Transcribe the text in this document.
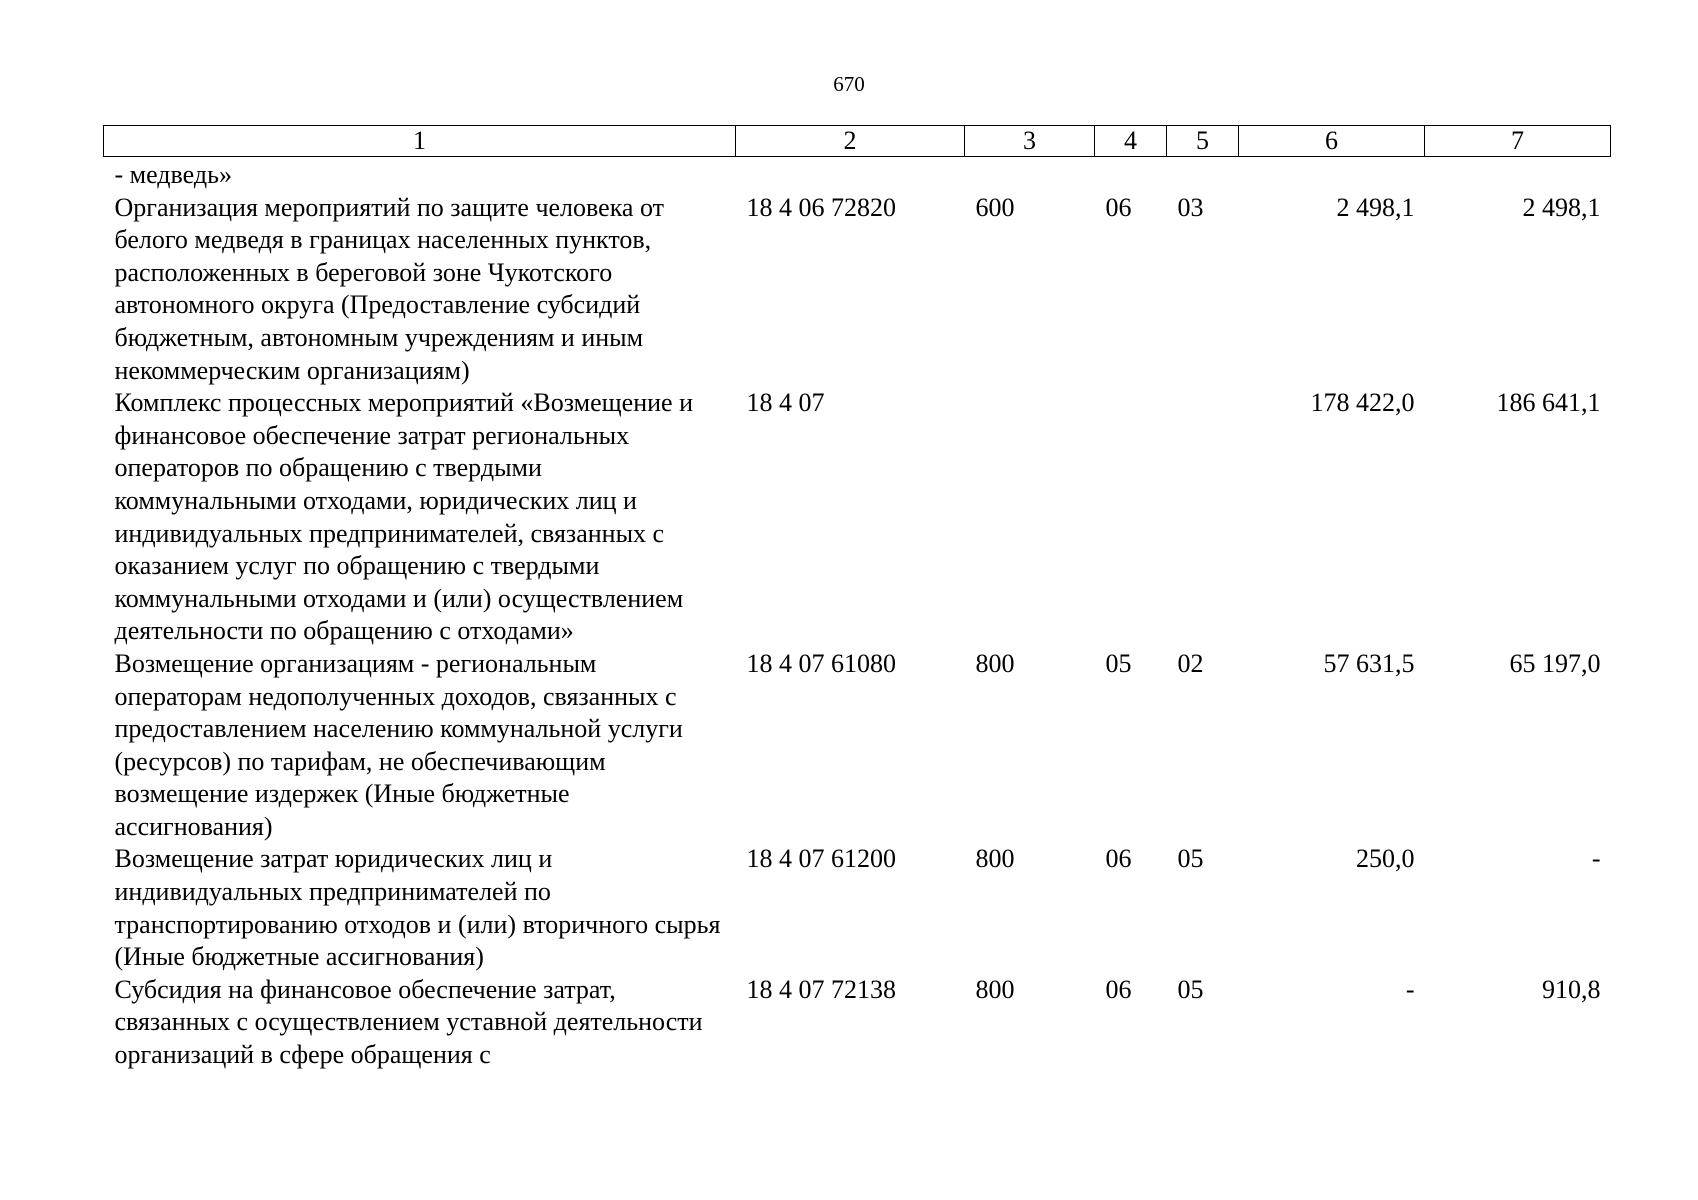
670
1	2	3	4	5	6	7
- медведь»						
Организация мероприятий по защите человека от белого медведя в границах населенных пунктов, расположенных в береговой зоне Чукотского автономного округа (Предоставление субсидий бюджетным, автономным учреждениям и иным некоммерческим организациям)	18 4 06 72820	600	06	03	2 498,1	2 498,1
Комплекс процессных мероприятий «Возмещение и финансовое обеспечение затрат региональных операторов по обращению с твердыми коммунальными отходами, юридических лиц и индивидуальных предпринимателей, связанных с оказанием услуг по обращению с твердыми коммунальными отходами и (или) осуществлением деятельности по обращению с отходами»	18 4 07				178 422,0	186 641,1
Возмещение организациям - региональным операторам недополученных доходов, связанных с предоставлением населению коммунальной услуги (ресурсов) по тарифам, не обеспечивающим возмещение издержек (Иные бюджетные ассигнования)	18 4 07 61080	800	05	02	57 631,5	65 197,0
Возмещение затрат юридических лиц и индивидуальных предпринимателей по транспортированию отходов и (или) вторичного сырья (Иные бюджетные ассигнования)	18 4 07 61200	800	06	05	250,0	-
Субсидия на финансовое обеспечение затрат, связанных с осуществлением уставной деятельности организаций в сфере обращения с	18 4 07 72138	800	06	05	-	910,8
